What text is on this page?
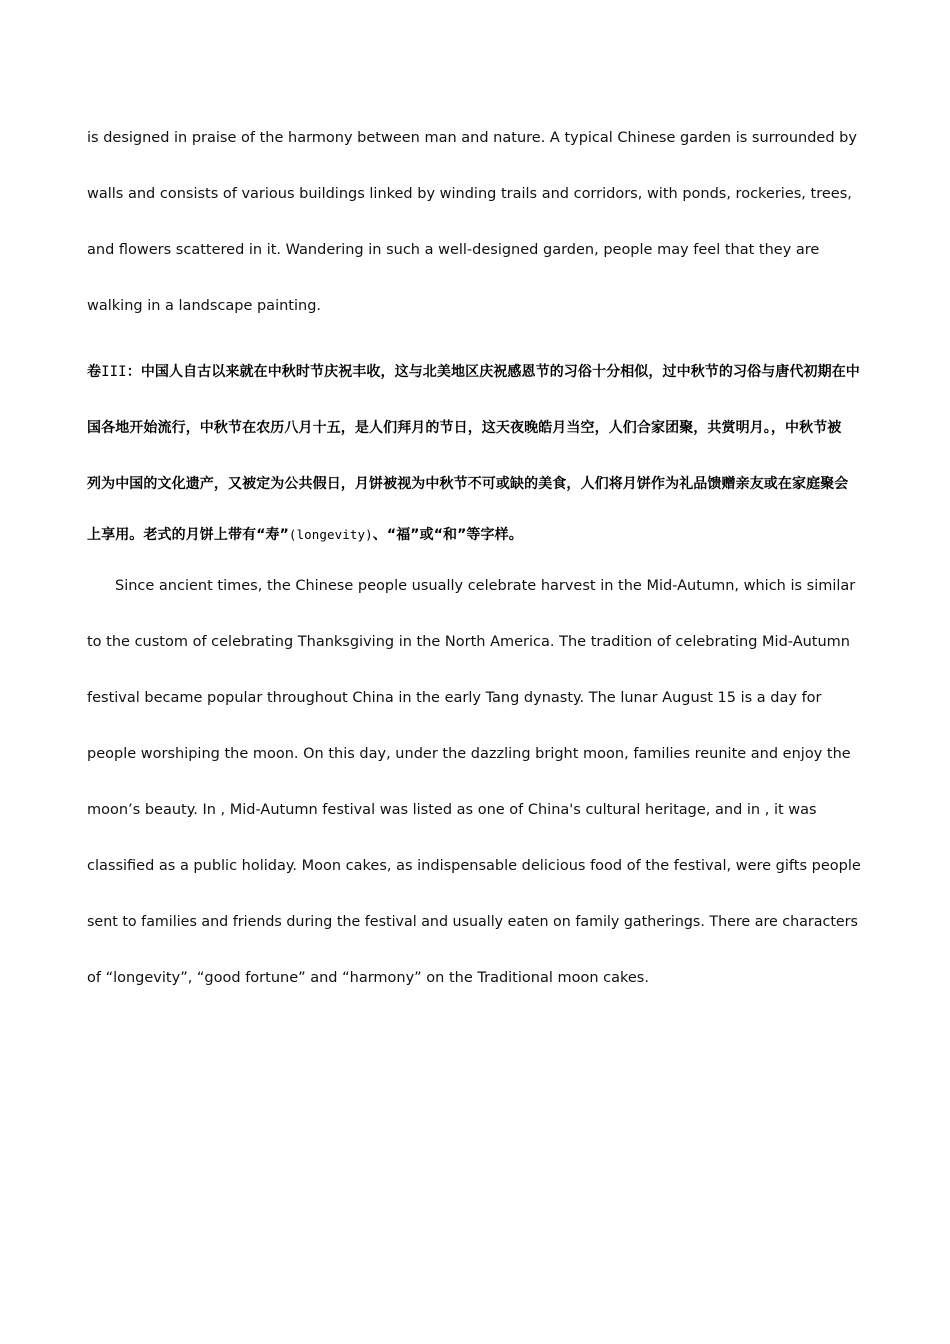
is designed in praise of the harmony between man and nature. A typical Chinese garden is surrounded by
walls and consists of various buildings linked by winding trails and corridors, with ponds, rockeries, trees,
and flowers scattered in it. Wandering in such a well-designed garden, people may feel that they are
walking in a landscape painting.
卷III：中国人自古以来就在中秋时节庆祝丰收，这与北美地区庆祝感恩节的习俗十分相似，过中秋节的习俗与唐代初期在中
国各地开始流行，中秋节在农历八月十五，是人们拜月的节日，这天夜晚皓月当空，人们合家团聚，共赏明月。，中秋节被
列为中国的文化遗产，又被定为公共假日，月饼被视为中秋节不可或缺的美食，人们将月饼作为礼品馈赠亲友或在家庭聚会
上享用。老式的月饼上带有“寿”(longevity)、“福”或“和”等字样。
Since ancient times, the Chinese people usually celebrate harvest in the Mid-Autumn, which is similar
to the custom of celebrating Thanksgiving in the North America. The tradition of celebrating Mid-Autumn
festival became popular throughout China in the early Tang dynasty. The lunar August 15 is a day for
people worshiping the moon. On this day, under the dazzling bright moon, families reunite and enjoy the
moon’s beauty. In , Mid-Autumn festival was listed as one of China's cultural heritage, and in , it was
classified as a public holiday. Moon cakes, as indispensable delicious food of the festival, were gifts people
sent to families and friends during the festival and usually eaten on family gatherings. There are characters
of “longevity”, “good fortune” and “harmony” on the Traditional moon cakes.
